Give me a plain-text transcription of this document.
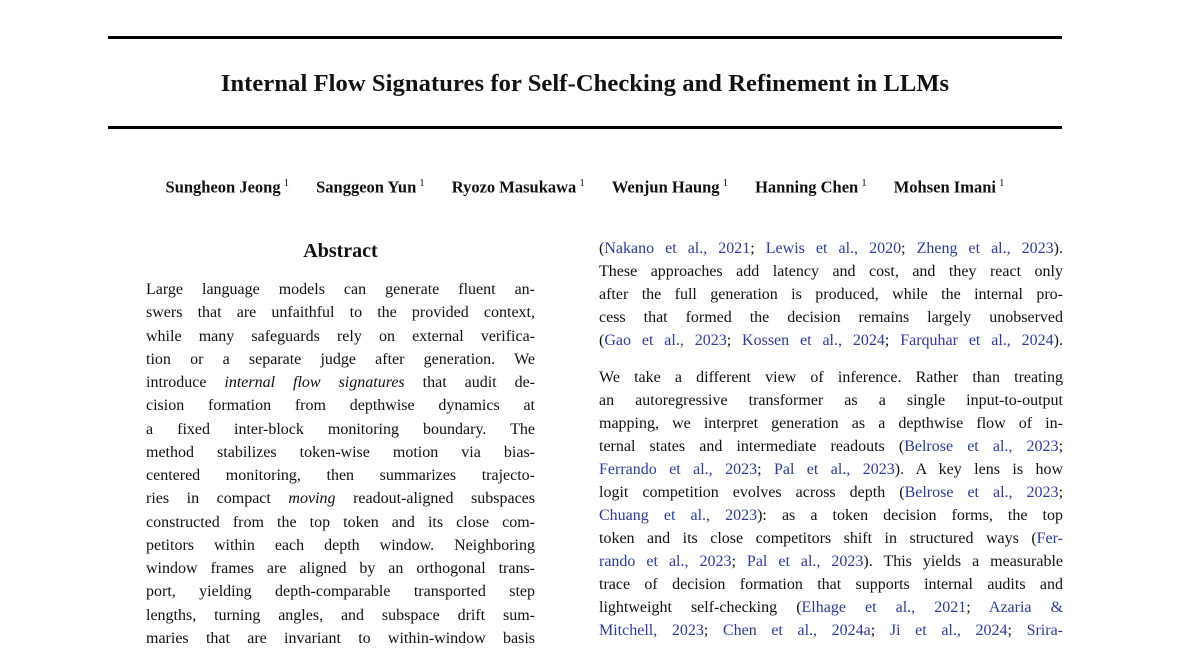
Internal Flow Signatures for Self-Checking and Refinement in LLMs
Sungheon Jeong $^1$ Sanggeon Yun $^1$ Ryozo Masukawa $^1$ Wenjun Haung $^1$ Hanning Chen $^1$ Mohsen Imani $^1$
Abstract
Large language models can generate fluent an-
swers that are unfaithful to the provided context,
while many safeguards rely on external verifica-
tion or a separate judge after generation. We
introduce internal flow signatures that audit de-
cision formation from depthwise dynamics at
a fixed inter-block monitoring boundary. The
method stabilizes token-wise motion via bias-
centered monitoring, then summarizes trajecto-
ries in compact moving readout-aligned subspaces
constructed from the top token and its close com-
petitors within each depth window. Neighboring
window frames are aligned by an orthogonal trans-
port, yielding depth-comparable transported step
lengths, turning angles, and subspace drift sum-
maries that are invariant to within-window basis
(Nakano et al., 2021; Lewis et al., 2020; Zheng et al., 2023).
These approaches add latency and cost, and they react only
after the full generation is produced, while the internal pro-
cess that formed the decision remains largely unobserved
(Gao et al., 2023; Kossen et al., 2024; Farquhar et al., 2024).
We take a different view of inference. Rather than treating
an autoregressive transformer as a single input-to-output
mapping, we interpret generation as a depthwise flow of in-
ternal states and intermediate readouts (Belrose et al., 2023;
Ferrando et al., 2023; Pal et al., 2023). A key lens is how
logit competition evolves across depth (Belrose et al., 2023;
Chuang et al., 2023): as a token decision forms, the top
token and its close competitors shift in structured ways (Fer-
rando et al., 2023; Pal et al., 2023). This yields a measurable
trace of decision formation that supports internal audits and
lightweight self-checking (Elhage et al., 2021; Azaria &
Mitchell, 2023; Chen et al., 2024a; Ji et al., 2024; Srira-
